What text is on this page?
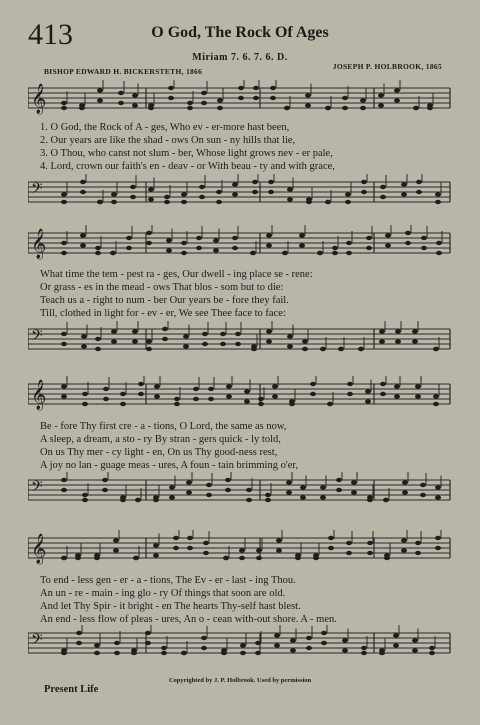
413	O God, The Rock Of Ages
Miriam 7. 6. 7. 6. D.
BISHOP EDWARD H. BICKERSTETH, 1866
JOSEPH P. HOLBROOK, 1865
𝄞
1. O God, the Rock of A - ges, Who ev - er-more hast been,
2. Our years are like the shad - ows On sun - ny hills that lie,
3. O Thou, who canst not slum - ber, Whose light grows nev - er pale,
4. Lord, crown our faith's en - deav - or With beau - ty and with grace,
𝄢
𝄞
What time the tem - pest ra - ges, Our dwell - ing place se - rene:
Or grass - es in the mead - ows That blos - som but to die:
Teach us a - right to num - ber Our years be - fore they fail.
Till, clothed in light for - ev - er, We see Thee face to face:
𝄢
𝄞
Be - fore Thy first cre - a - tions, O Lord, the same as now,
A sleep, a dream, a sto - ry By stran - gers quick - ly told,
On us Thy mer - cy light - en, On us Thy good-ness rest,
A joy no lan - guage meas - ures, A foun - tain brimming o'er,
𝄢
𝄞
To end - less gen - er - a - tions, The Ev - er - last - ing Thou.
An un - re - main - ing glo - ry Of things that soon are old.
And let Thy Spir - it bright - en The hearts Thy-self hast blest.
An end - less flow of pleas - ures, An o - cean with-out shore. A - men.
𝄢
Copyrighted by J. P. Holbrook. Used by permission
Present Life
